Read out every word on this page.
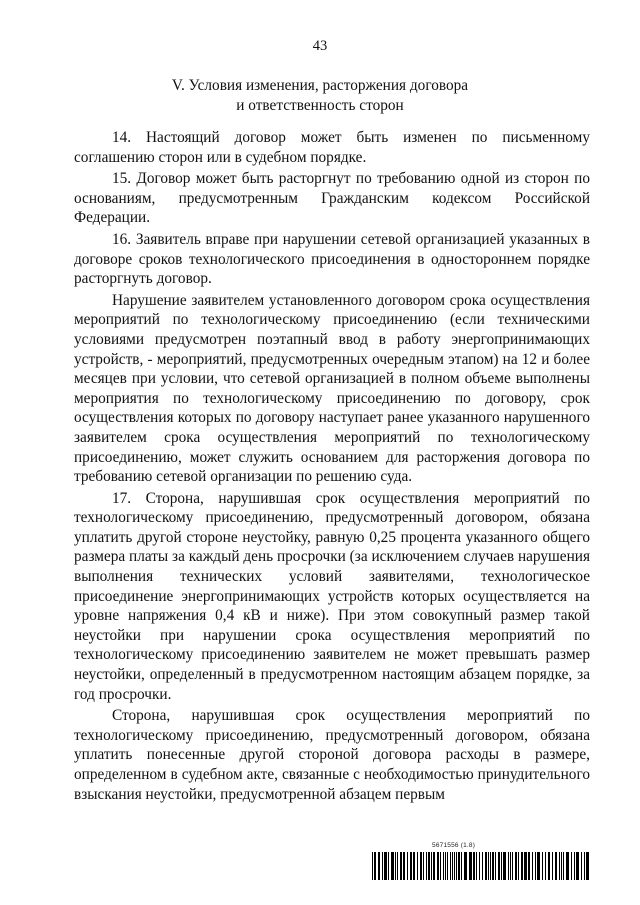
43
V. Условия изменения, расторжения договора
и ответственность сторон

14. Настоящий договор может быть изменен по письменному соглашению сторон или в судебном порядке.

15. Договор может быть расторгнут по требованию одной из сторон по основаниям, предусмотренным Гражданским кодексом Российской Федерации.

16. Заявитель вправе при нарушении сетевой организацией указанных в договоре сроков технологического присоединения в одностороннем порядке расторгнуть договор.

Нарушение заявителем установленного договором срока осуществления мероприятий по технологическому присоединению (если техническими условиями предусмотрен поэтапный ввод в работу энергопринимающих устройств, - мероприятий, предусмотренных очередным этапом) на 12 и более месяцев при условии, что сетевой организацией в полном объеме выполнены мероприятия по технологическому присоединению по договору, срок осуществления которых по договору наступает ранее указанного нарушенного заявителем срока осуществления мероприятий по технологическому присоединению, может служить основанием для расторжения договора по требованию сетевой организации по решению суда.

17. Сторона, нарушившая срок осуществления мероприятий по технологическому присоединению, предусмотренный договором, обязана уплатить другой стороне неустойку, равную 0,25 процента указанного общего размера платы за каждый день просрочки (за исключением случаев нарушения выполнения технических условий заявителями, технологическое присоединение энергопринимающих устройств которых осуществляется на уровне напряжения 0,4 кВ и ниже). При этом совокупный размер такой неустойки при нарушении срока осуществления мероприятий по технологическому присоединению заявителем не может превышать размер неустойки, определенный в предусмотренном настоящим абзацем порядке, за год просрочки.

Сторона, нарушившая срок осуществления мероприятий по технологическому присоединению, предусмотренный договором, обязана уплатить понесенные другой стороной договора расходы в размере, определенном в судебном акте, связанные с необходимостью принудительного взыскания неустойки, предусмотренной абзацем первым

5671556 (1.8)
